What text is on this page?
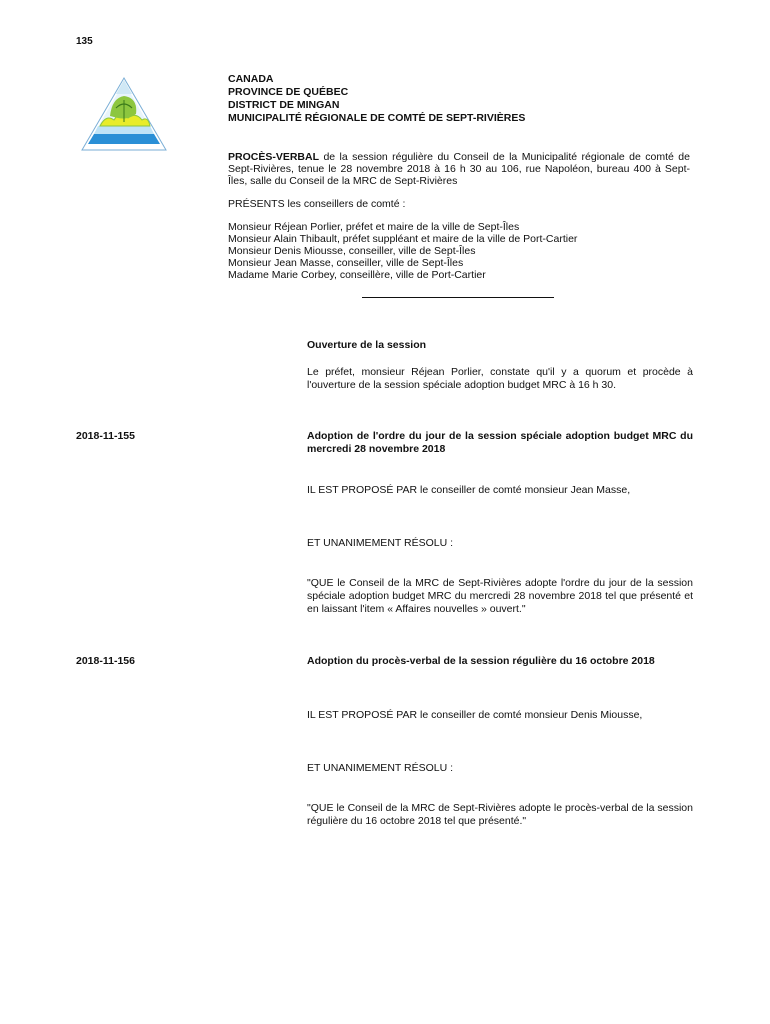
135
CANADA
PROVINCE DE QUÉBEC
DISTRICT DE MINGAN
MUNICIPALITÉ RÉGIONALE DE COMTÉ DE SEPT-RIVIÈRES
PROCÈS-VERBAL de la session régulière du Conseil de la Municipalité régionale de comté de Sept-Rivières, tenue le 28 novembre 2018 à 16 h 30 au 106, rue Napoléon, bureau 400 à Sept-Îles, salle du Conseil de la MRC de Sept-Rivières
PRÉSENTS les conseillers de comté :
Monsieur Réjean Porlier, préfet et maire de la ville de Sept-Îles
Monsieur Alain Thibault, préfet suppléant et maire de la ville de Port-Cartier
Monsieur Denis Miousse, conseiller, ville de Sept-Îles
Monsieur Jean Masse, conseiller, ville de Sept-Îles
Madame Marie Corbey, conseillère, ville de Port-Cartier
Ouverture de la session
Le préfet, monsieur Réjean Porlier, constate qu'il y a quorum et procède à l'ouverture de la session spéciale adoption budget MRC à 16 h 30.
2018-11-155	Adoption de l'ordre du jour de la session spéciale adoption budget MRC du mercredi 28 novembre 2018
IL EST PROPOSÉ PAR le conseiller de comté monsieur Jean Masse,
ET UNANIMEMENT RÉSOLU :
"QUE le Conseil de la MRC de Sept-Rivières adopte l'ordre du jour de la session spéciale adoption budget MRC du mercredi 28 novembre 2018 tel que présenté et en laissant l'item « Affaires nouvelles » ouvert."
2018-11-156	Adoption du procès-verbal de la session régulière du 16 octobre 2018
IL EST PROPOSÉ PAR le conseiller de comté monsieur Denis Miousse,
ET UNANIMEMENT RÉSOLU :
"QUE le Conseil de la MRC de Sept-Rivières adopte le procès-verbal de la session régulière du 16 octobre 2018 tel que présenté."
